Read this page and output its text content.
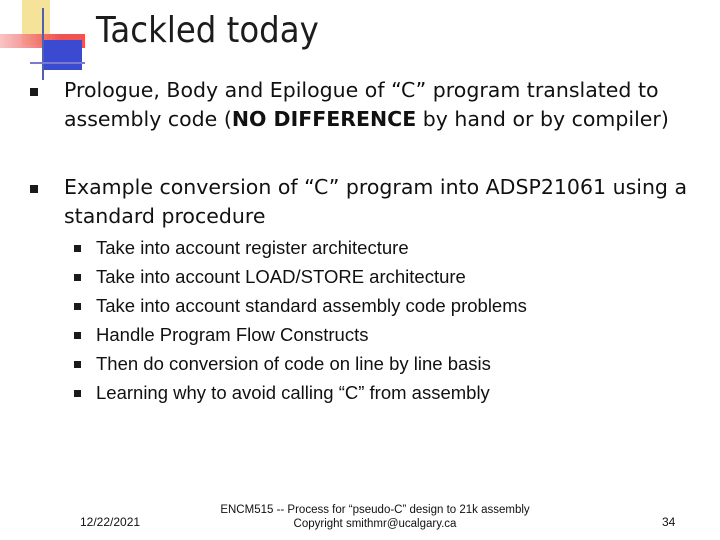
Tackled today
Prologue, Body and Epilogue of “C” program translated to
assembly code (NO DIFFERENCE by hand or by compiler)
Example conversion of “C” program into ADSP21061 using a
standard procedure
Take into account register architecture
Take into account LOAD/STORE architecture
Take into account standard assembly code problems
Handle Program Flow Constructs
Then do conversion of code on line by line basis
Learning why to avoid calling “C” from assembly
12/22/2021
ENCM515 -- Process for “pseudo-C” design to 21k assembly
Copyright smithmr@ucalgary.ca	34
